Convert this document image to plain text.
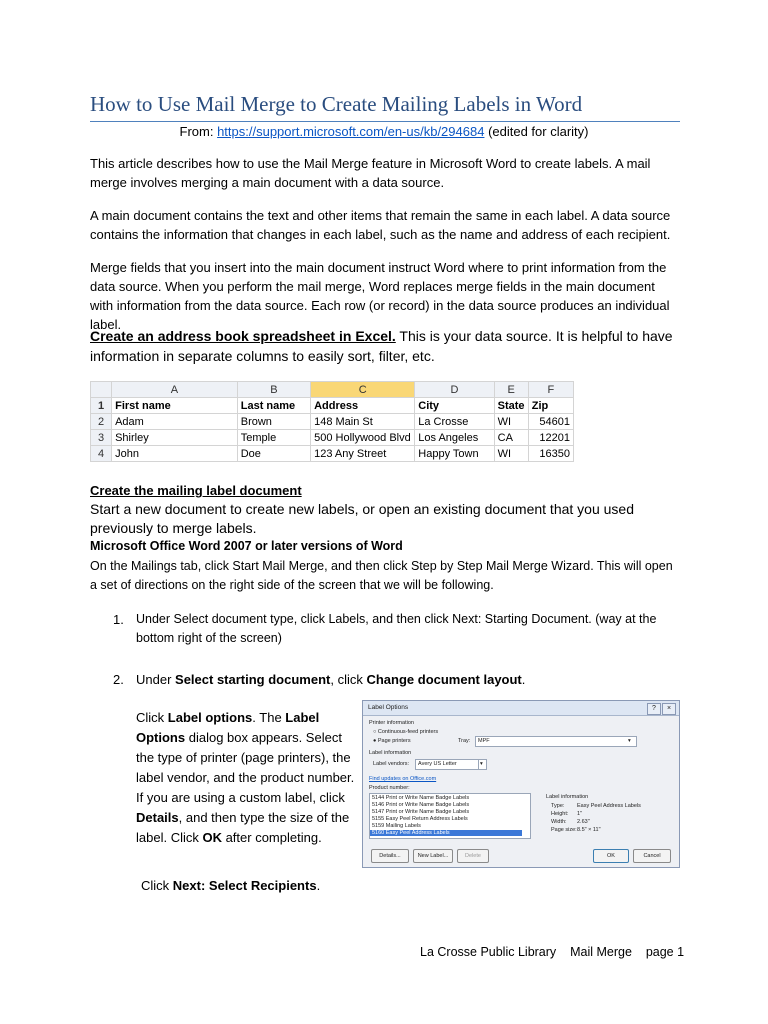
How to Use Mail Merge to Create Mailing Labels in Word
From: https://support.microsoft.com/en-us/kb/294684 (edited for clarity)
This article describes how to use the Mail Merge feature in Microsoft Word to create labels. A mail merge involves merging a main document with a data source.
A main document contains the text and other items that remain the same in each label. A data source contains the information that changes in each label, such as the name and address of each recipient.
Merge fields that you insert into the main document instruct Word where to print information from the data source. When you perform the mail merge, Word replaces merge fields in the main document with information from the data source. Each row (or record) in the data source produces an individual label.
Create an address book spreadsheet in Excel. This is your data source. It is helpful to have information in separate columns to easily sort, filter, etc.
	A	B	C	D	E	F
1	First name	Last name	Address	City	State	Zip
2	Adam	Brown	148 Main St	La Crosse	WI	54601
3	Shirley	Temple	500 Hollywood Blvd	Los Angeles	CA	12201
4	John	Doe	123 Any Street	Happy Town	WI	16350
Create the mailing label document
Start a new document to create new labels, or open an existing document that you used previously to merge labels.
Microsoft Office Word 2007 or later versions of Word
On the Mailings tab, click Start Mail Merge, and then click Step by Step Mail Merge Wizard. This will open a set of directions on the right side of the screen that we will be following.
1. Under Select document type, click Labels, and then click Next: Starting Document. (way at the bottom right of the screen)
2. Under Select starting document, click Change document layout.
Click Label options. The Label Options dialog box appears. Select the type of printer (page printers), the label vendor, and the product number. If you are using a custom label, click Details, and then type the size of the label. Click OK after completing.
Click Next: Select Recipients.
Label Options	?	×
Printer information
○ Continuous-feed printers
● Page printers	Tray: MPF	▾
Label information
Label vendors: Avery US Letter	▾
Find updates on Office.com
Product number:
5144 Print or Write Name Badge Labels
5146 Print or Write Name Badge Labels
5147 Print or Write Name Badge Labels
5155 Easy Peel Return Address Labels
5159 Mailing Labels
5160 Easy Peel Address Labels
Label information
Type: Easy Peel Address Labels
Height: 1"
Width: 2.63"
Page size: 8.5" × 11"
Details...	New Label...	Delete	OK	Cancel
La Crosse Public Library Mail Merge page 1
